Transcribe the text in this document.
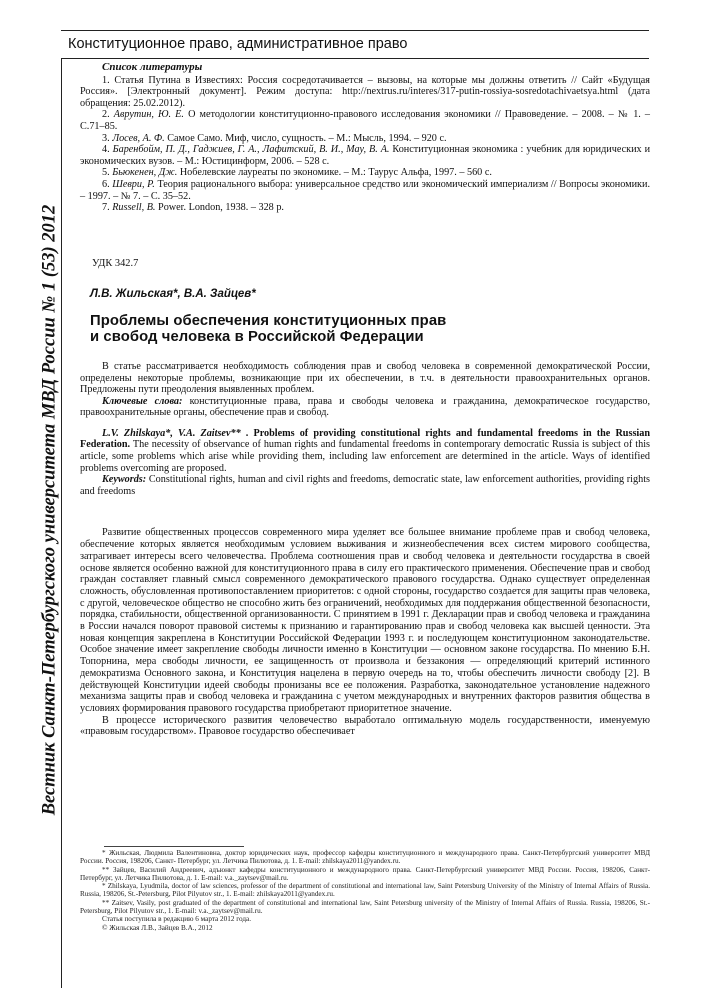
Конституционное право, административное право
Вестник Санкт-Петербургского университета МВД России № 1 (53) 2012
Список литературы

1. Статья Путина в Известиях: Россия сосредотачивается – вызовы, на которые мы должны ответить // Сайт «Будущая Россия». [Электронный документ]. Режим доступа: http://nextrus.ru/interes/317-putin-rossiya-sosredotachivaetsya.html (дата обращения: 25.02.2012).

2. Аврутин, Ю. Е. О методологии конституционно-правового исследования экономики // Правоведение. – 2008. – № 1. – С.71–85.

3. Лосев, А. Ф. Самое Само. Миф, число, сущность. – М.: Мысль, 1994. – 920 с.

4. Баренбойм, П. Д., Гаджиев, Г. А., Лафитский, В. И., Мау, В. А. Конституционная экономика : учебник для юридических и экономических вузов. – М.: Юстицинформ, 2006. – 528 с.

5. Бьюкенен, Дж. Нобелевские лауреаты по экономике. – М.: Таурус Альфа, 1997. – 560 с.

6. Шеври, Р. Теория рационального выбора: универсальное средство или экономический империализм // Вопросы экономики. – 1997. – № 7. – С. 35–52.

7. Russell, B. Power. London, 1938. – 328 p.

УДК 342.7
Л.В. Жильская*, В.А. Зайцев*
Проблемы обеспечения конституционных прав
и свобод человека в Российской Федерации

В статье рассматривается необходимость соблюдения прав и свобод человека в современной демократической России, определены некоторые проблемы, возникающие при их обеспечении, в т.ч. в деятельности правоохранительных органов. Предложены пути преодоления выявленных проблем.

Ключевые слова: конституционные права, права и свободы человека и гражданина, демократическое государство, правоохранительные органы, обеспечение прав и свобод.

L.V. Zhilskaya*, V.A. Zaitsev** . Problems of providing constitutional rights and fundamental freedoms in the Russian Federation. The necessity of observance of human rights and fundamental freedoms in contemporary democratic Russia is subject of this article, some problems which arise while providing them, including law enforcement are determined in the article. Ways of identified problems overcoming are proposed.

Keywords: Constitutional rights, human and civil rights and freedoms, democratic state, law enforcement authorities, providing rights and freedoms

Развитие общественных процессов современного мира уделяет все большее внимание проблеме прав и свобод человека, обеспечение которых является необходимым условием выживания и жизнеобеспечения всех систем мирового сообщества, затрагивает интересы всего человечества. Проблема соотношения прав и свобод человека и деятельности государства в своей основе является особенно важной для конституционного права в силу его практического применения. Обеспечение прав и свобод граждан составляет главный смысл современного демократического правового государства. Однако существует определенная сложность, обусловленная противопоставлением приоритетов: с одной стороны, государство создается для защиты прав человека, с другой, человеческое общество не способно жить без ограничений, необходимых для поддержания общественной безопасности, порядка, стабильности, общественной организованности. С принятием в 1991 г. Декларации прав и свобод человека и гражданина в России начался поворот правовой системы к признанию и гарантированию прав и свобод человека как высшей ценности. Эта новая концепция закреплена в Конституции Российской Федерации 1993 г. и последующем конституционном законодательстве. Особое значение имеет закрепление свободы личности именно в Конституции — основном законе государства. По мнению Б.Н. Топорнина, мера свободы личности, ее защищенность от произвола и беззакония — определяющий критерий истинного демократизма Основного закона, и Конституция нацелена в первую очередь на то, чтобы обеспечить личности свободу [2]. В действующей Конституции идеей свободы пронизаны все ее положения. Разработка, законодательное установление надежного механизма защиты прав и свобод человека и гражданина с учетом международных и внутренних факторов развития общества в условиях формирования правового государства приобретают приоритетное значение.

В процессе исторического развития человечество выработало оптимальную модель государственности, именуемую «правовым государством». Правовое государство обеспечивает

* Жильская, Людмила Валентиновна, доктор юридических наук, профессор кафедры конституционного и международного права. Санкт-Петербургский университет МВД России. Россия, 198206, Санкт- Петербург, ул. Летчика Пилютова, д. 1. E-mail: zhilskaya2011@yandex.ru.

** Зайцев, Василий Андреевич, адъюнкт кафедры конституционного и международного права. Санкт-Петербургский университет МВД России. Россия, 198206, Санкт- Петербург, ул. Летчика Пилютова, д. 1. E-mail: v.a._zaytsev@mail.ru.

* Zhilskaya, Lyudmila, doctor of law sciences, professor of the department of constitutional and international law, Saint Petersburg University of the Ministry of Internal Affairs of Russia. Russia, 198206, St.-Petersburg, Pilot Pilyutov str., 1. E-mail: zhilskaya2011@yandex.ru.

** Zaitsev, Vasily, post graduated of the department of constitutional and international law, Saint Petersburg university of the Ministry of Internal Affairs of Russia. Russia, 198206, St.-Petersburg, Pilot Pilyutov str., 1. E-mail: v.a._zaytsev@mail.ru.

Статья поступила в редакцию 6 марта 2012 года.

© Жильская Л.В., Зайцев В.А., 2012
